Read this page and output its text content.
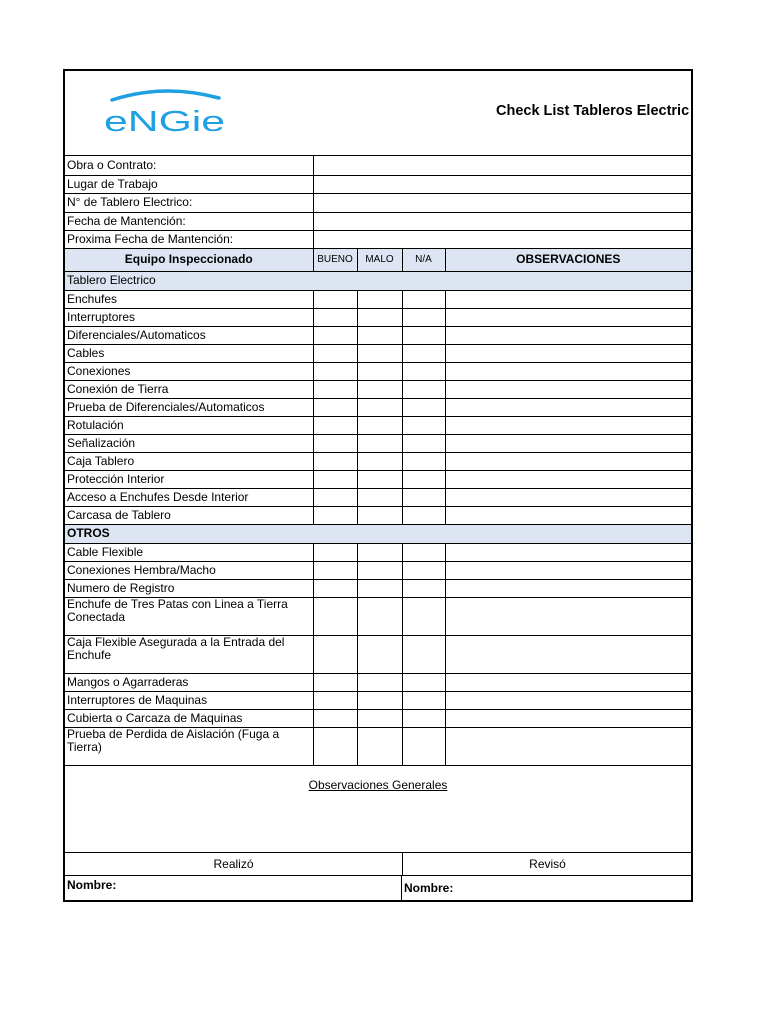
eNGie	Check List Tableros Electric
Obra o Contrato:				
Lugar de Trabajo				
N° de Tablero Electrico:				
Fecha de Mantención:				
Proxima Fecha de Mantención:				
Equipo Inspeccionado	BUENO	MALO	N/A	OBSERVACIONES
Tablero Electrico				
Enchufes				
Interruptores				
Diferenciales/Automaticos				
Cables				
Conexiones				
Conexión de Tierra				
Prueba de Diferenciales/Automaticos				
Rotulación				
Señalización				
Caja Tablero				
Protección Interior				
Acceso a Enchufes Desde Interior				
Carcasa de Tablero				
OTROS				
Cable Flexible				
Conexiones Hembra/Macho				
Numero de Registro				
Enchufe de Tres Patas con Linea a Tierra Conectada				
Caja Flexible Asegurada a la Entrada del Enchufe				
Mangos o Agarraderas				
Interruptores de Maquinas				
Cubierta o Carcaza de Maquinas				
Prueba de Perdida de Aislación (Fuga a Tierra)				
Observaciones Generales
Realizó	Revisó
Nombre:	Nombre:
